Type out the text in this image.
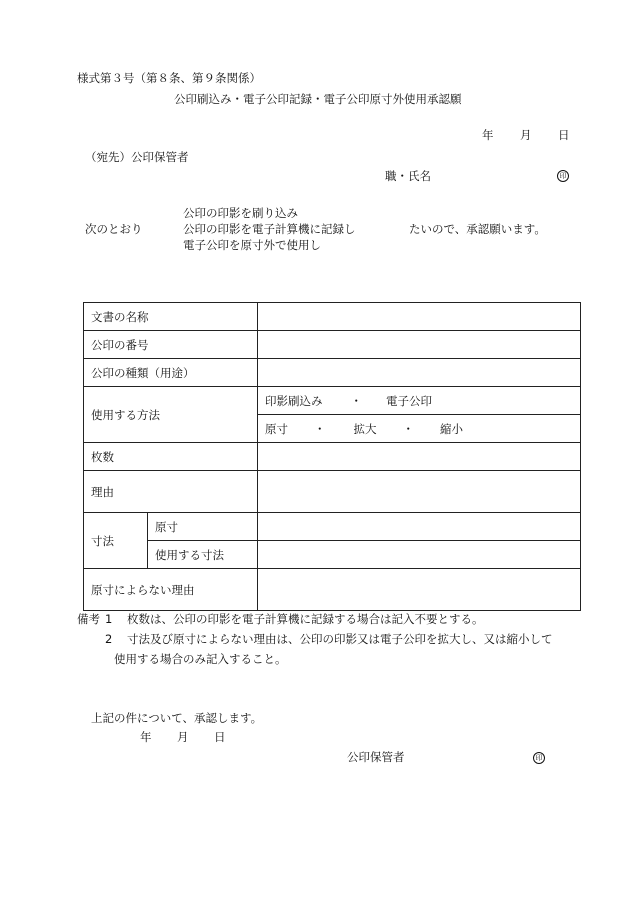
様式第３号（第８条、第９条関係）
公印刷込み・電子公印記録・電子公印原寸外使用承認願
年 月 日
（宛先）公印保管者
職・氏名	印
公印の印影を刷り込み
次のとおり	公印の印影を電子計算機に記録し	たいので、承認願います。
電子公印を原寸外で使用し
文書の名称		
公印の番号		
公印の種類（用途）		
使用する方法		印影刷込み ・ 電子公印
		原寸 ・ 拡大 ・ 縮小
枚数		
理由		
寸法	原寸	
	使用する寸法	
原寸によらない理由		
備考 1 枚数は、公印の印影を電子計算機に記録する場合は記入不要とする。
2 寸法及び原寸によらない理由は、公印の印影又は電子公印を拡大し、又は縮小して
使用する場合のみ記入すること。
上記の件について、承認します。
年 月 日
公印保管者	印
